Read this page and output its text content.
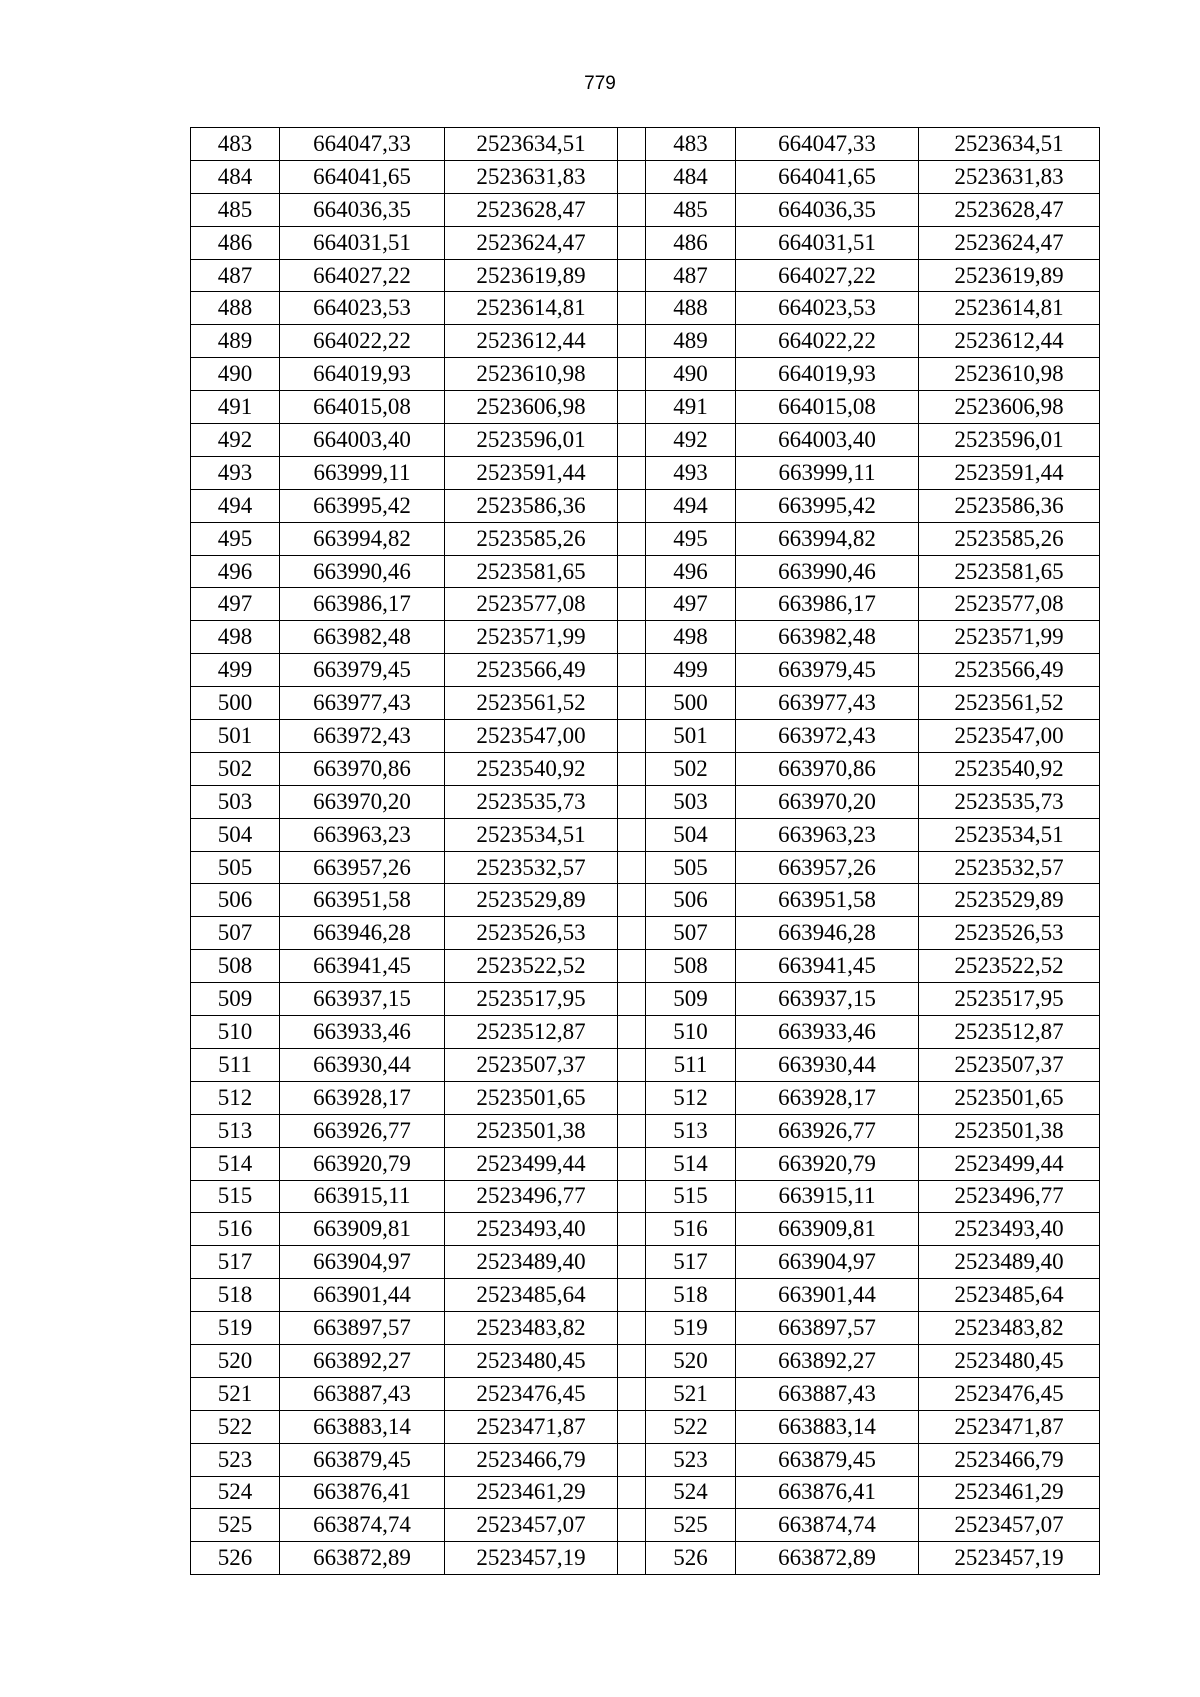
779
483	664047,33	2523634,51		483	664047,33	2523634,51
484	664041,65	2523631,83		484	664041,65	2523631,83
485	664036,35	2523628,47		485	664036,35	2523628,47
486	664031,51	2523624,47		486	664031,51	2523624,47
487	664027,22	2523619,89		487	664027,22	2523619,89
488	664023,53	2523614,81		488	664023,53	2523614,81
489	664022,22	2523612,44		489	664022,22	2523612,44
490	664019,93	2523610,98		490	664019,93	2523610,98
491	664015,08	2523606,98		491	664015,08	2523606,98
492	664003,40	2523596,01		492	664003,40	2523596,01
493	663999,11	2523591,44		493	663999,11	2523591,44
494	663995,42	2523586,36		494	663995,42	2523586,36
495	663994,82	2523585,26		495	663994,82	2523585,26
496	663990,46	2523581,65		496	663990,46	2523581,65
497	663986,17	2523577,08		497	663986,17	2523577,08
498	663982,48	2523571,99		498	663982,48	2523571,99
499	663979,45	2523566,49		499	663979,45	2523566,49
500	663977,43	2523561,52		500	663977,43	2523561,52
501	663972,43	2523547,00		501	663972,43	2523547,00
502	663970,86	2523540,92		502	663970,86	2523540,92
503	663970,20	2523535,73		503	663970,20	2523535,73
504	663963,23	2523534,51		504	663963,23	2523534,51
505	663957,26	2523532,57		505	663957,26	2523532,57
506	663951,58	2523529,89		506	663951,58	2523529,89
507	663946,28	2523526,53		507	663946,28	2523526,53
508	663941,45	2523522,52		508	663941,45	2523522,52
509	663937,15	2523517,95		509	663937,15	2523517,95
510	663933,46	2523512,87		510	663933,46	2523512,87
511	663930,44	2523507,37		511	663930,44	2523507,37
512	663928,17	2523501,65		512	663928,17	2523501,65
513	663926,77	2523501,38		513	663926,77	2523501,38
514	663920,79	2523499,44		514	663920,79	2523499,44
515	663915,11	2523496,77		515	663915,11	2523496,77
516	663909,81	2523493,40		516	663909,81	2523493,40
517	663904,97	2523489,40		517	663904,97	2523489,40
518	663901,44	2523485,64		518	663901,44	2523485,64
519	663897,57	2523483,82		519	663897,57	2523483,82
520	663892,27	2523480,45		520	663892,27	2523480,45
521	663887,43	2523476,45		521	663887,43	2523476,45
522	663883,14	2523471,87		522	663883,14	2523471,87
523	663879,45	2523466,79		523	663879,45	2523466,79
524	663876,41	2523461,29		524	663876,41	2523461,29
525	663874,74	2523457,07		525	663874,74	2523457,07
526	663872,89	2523457,19		526	663872,89	2523457,19
